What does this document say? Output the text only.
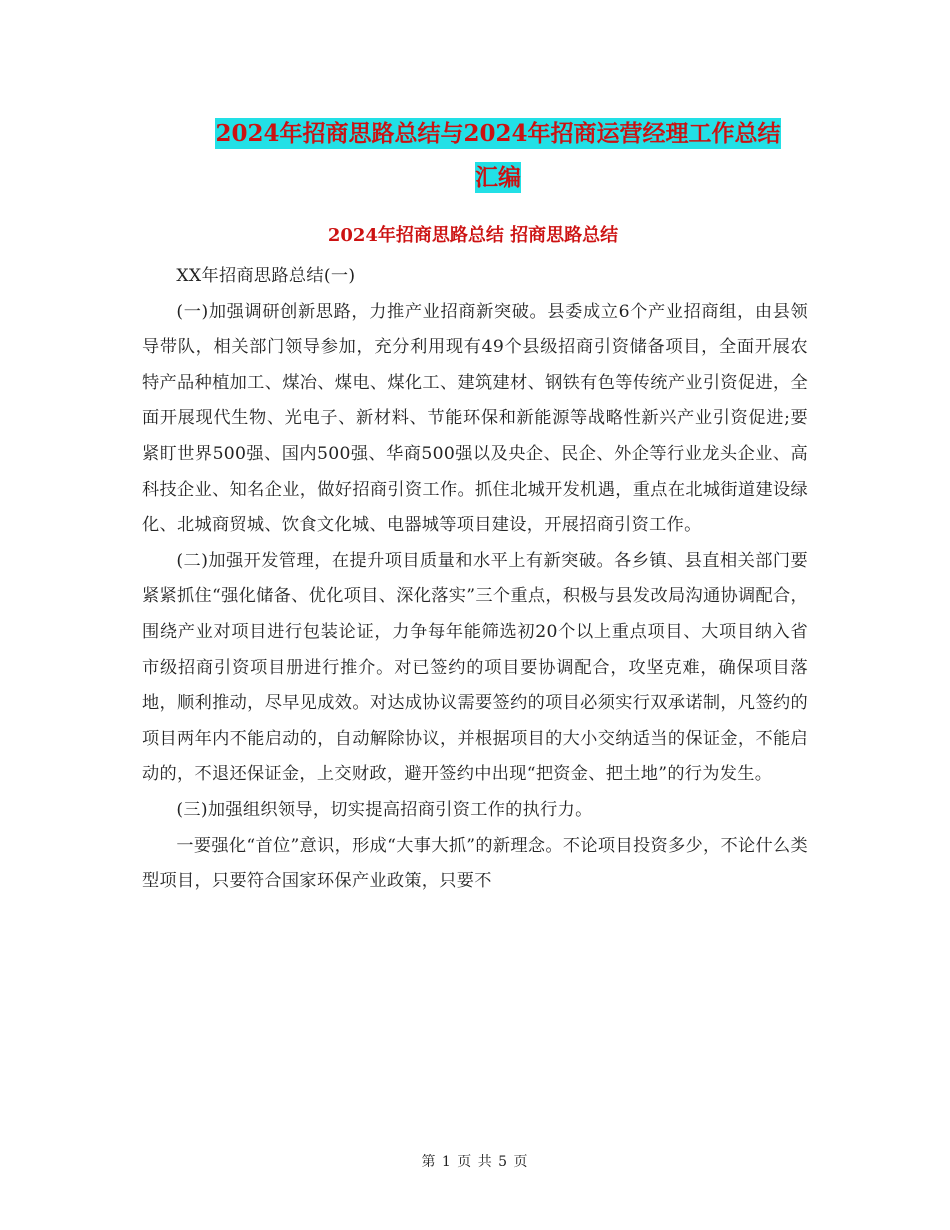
2024年招商思路总结与2024年招商运营经理工作总结
汇编
2024年招商思路总结 招商思路总结

XX年招商思路总结(一)

(一)加强调研创新思路，力推产业招商新突破。县委成立6个产业招商组，由县领导带队，相关部门领导参加，充分利用现有49个县级招商引资储备项目，全面开展农特产品种植加工、煤冶、煤电、煤化工、建筑建材、钢铁有色等传统产业引资促进，全面开展现代生物、光电子、新材料、节能环保和新能源等战略性新兴产业引资促进;要紧盯世界500强、国内500强、华商500强以及央企、民企、外企等行业龙头企业、高科技企业、知名企业，做好招商引资工作。抓住北城开发机遇，重点在北城街道建设绿化、北城商贸城、饮食文化城、电器城等项目建设，开展招商引资工作。

(二)加强开发管理，在提升项目质量和水平上有新突破。各乡镇、县直相关部门要紧紧抓住“强化储备、优化项目、深化落实”三个重点，积极与县发改局沟通协调配合，围绕产业对项目进行包装论证，力争每年能筛选初20个以上重点项目、大项目纳入省市级招商引资项目册进行推介。对已签约的项目要协调配合，攻坚克难，确保项目落地，顺利推动，尽早见成效。对达成协议需要签约的项目必须实行双承诺制，凡签约的项目两年内不能启动的，自动解除协议，并根据项目的大小交纳适当的保证金，不能启动的，不退还保证金，上交财政，避开签约中出现“把资金、把土地”的行为发生。

(三)加强组织领导，切实提高招商引资工作的执行力。

一要强化“首位”意识，形成“大事大抓”的新理念。不论项目投资多少，不论什么类型项目，只要符合国家环保产业政策，只要不

第 1 页 共 5 页
